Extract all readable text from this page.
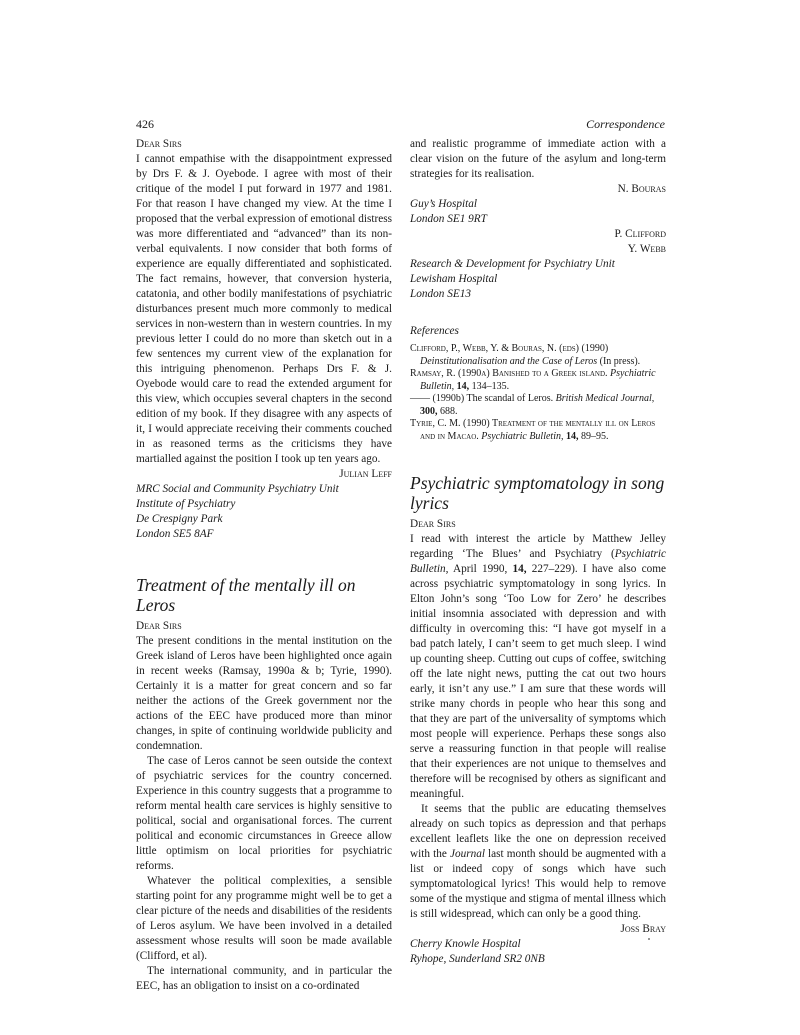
426	Correspondence

Dear Sirs

I cannot empathise with the disappointment expressed by Drs F. & J. Oyebode. I agree with most of their critique of the model I put forward in 1977 and 1981. For that reason I have changed my view. At the time I proposed that the verbal expression of emotional distress was more differentiated and “advanced” than its non-verbal equivalents. I now consider that both forms of experience are equally differentiated and sophisticated. The fact remains, however, that conversion hysteria, catatonia, and other bodily manifestations of psychiatric disturbances present much more commonly to medical services in non-western than in western countries. In my previous letter I could do no more than sketch out in a few sentences my current view of the explanation for this intriguing phenomenon. Perhaps Drs F. & J. Oyebode would care to read the extended argument for this view, which occupies several chapters in the second edition of my book. If they disagree with any aspects of it, I would appreciate receiving their comments couched in as reasoned terms as the criticisms they have martialled against the position I took up ten years ago.

Julian Leff

MRC Social and Community Psychiatry Unit

Institute of Psychiatry

De Crespigny Park

London SE5 8AF

Treatment of the mentally ill on Leros

Dear Sirs

The present conditions in the mental institution on the Greek island of Leros have been highlighted once again in recent weeks (Ramsay, 1990a & b; Tyrie, 1990). Certainly it is a matter for great concern and so far neither the actions of the Greek government nor the actions of the EEC have produced more than minor changes, in spite of continuing worldwide publicity and condemnation.

The case of Leros cannot be seen outside the context of psychiatric services for the country concerned. Experience in this country suggests that a programme to reform mental health care services is highly sensitive to political, social and organisational forces. The current political and economic circumstances in Greece allow little optimism on local priorities for psychiatric reforms.

Whatever the political complexities, a sensible starting point for any programme might well be to get a clear picture of the needs and disabilities of the residents of Leros asylum. We have been involved in a detailed assessment whose results will soon be made available (Clifford, et al).

The international community, and in particular the EEC, has an obligation to insist on a co-ordinated

and realistic programme of immediate action with a clear vision on the future of the asylum and long-term strategies for its realisation.

N. Bouras

Guy’s Hospital

London SE1 9RT

P. Clifford

Y. Webb

Research & Development for Psychiatry Unit

Lewisham Hospital

London SE13

References

Clifford, P., Webb, Y. & Bouras, N. (eds) (1990) Deinstitutionalisation and the Case of Leros (In press).

Ramsay, R. (1990a) Banished to a Greek island. Psychiatric Bulletin, 14, 134–135.

—— (1990b) The scandal of Leros. British Medical Journal, 300, 688.

Tyrie, C. M. (1990) Treatment of the mentally ill on Leros and in Macao. Psychiatric Bulletin, 14, 89–95.

Psychiatric symptomatology in song lyrics

Dear Sirs

I read with interest the article by Matthew Jelley regarding ‘The Blues’ and Psychiatry (Psychiatric Bulletin, April 1990, 14, 227–229). I have also come across psychiatric symptomatology in song lyrics. In Elton John’s song ‘Too Low for Zero’ he describes initial insomnia associated with depression and with difficulty in overcoming this: “I have got myself in a bad patch lately, I can’t seem to get much sleep. I wind up counting sheep. Cutting out cups of coffee, switching off the late night news, putting the cat out two hours early, it isn’t any use.” I am sure that these words will strike many chords in people who hear this song and that they are part of the universality of symptoms which most people will experience. Perhaps these songs also serve a reassuring function in that people will realise that their experiences are not unique to themselves and therefore will be recognised by others as significant and meaningful.

It seems that the public are educating themselves already on such topics as depression and that perhaps excellent leaflets like the one on depression received with the Journal last month should be augmented with a list or indeed copy of songs which have such symptomatological lyrics! This would help to remove some of the mystique and stigma of mental illness which is still widespread, which can only be a good thing.

Joss Bray

Cherry Knowle Hospital

Ryhope, Sunderland SR2 0NB
